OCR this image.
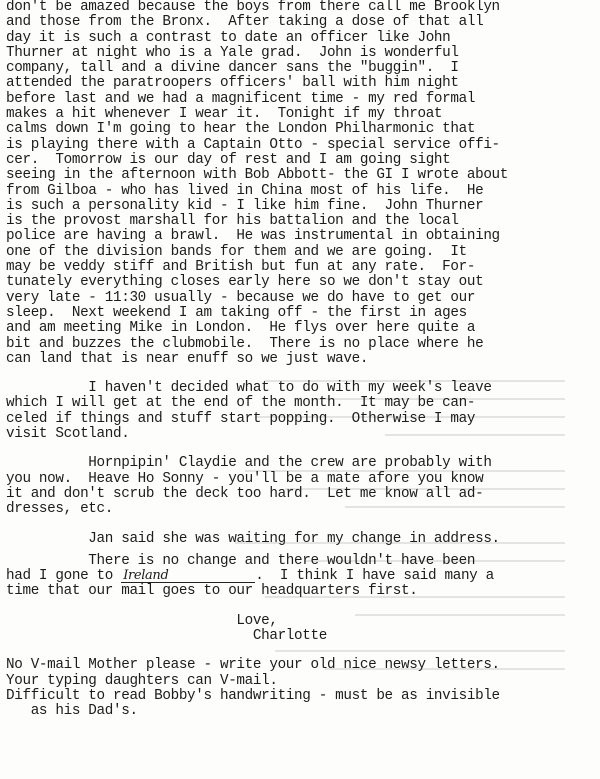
don't be amazed because the boys from there call me Brooklyn
and those from the Bronx.  After taking a dose of that all
day it is such a contrast to date an officer like John
Thurner at night who is a Yale grad.  John is wonderful
company, tall and a divine dancer sans the "buggin".  I
attended the paratroopers officers' ball with him night
before last and we had a magnificent time - my red formal
makes a hit whenever I wear it.  Tonight if my throat
calms down I'm going to hear the London Philharmonic that
is playing there with a Captain Otto - special service offi-
cer.  Tomorrow is our day of rest and I am going sight
seeing in the afternoon with Bob Abbott- the GI I wrote about
from Gilboa - who has lived in China most of his life.  He
is such a personality kid - I like him fine.  John Thurner
is the provost marshall for his battalion and the local
police are having a brawl.  He was instrumental in obtaining
one of the division bands for them and we are going.  It
may be veddy stiff and British but fun at any rate.  For-
tunately everything closes early here so we don't stay out
very late - 11:30 usually - because we do have to get our
sleep.  Next weekend I am taking off - the first in ages
and am meeting Mike in London.  He flys over here quite a
bit and buzzes the clubmobile.  There is no place where he
can land that is near enuff so we just wave.
I haven't decided what to do with my week's leave
which I will get at the end of the month.  It may be can-
celed if things and stuff start popping.  Otherwise I may
visit Scotland.
Hornpipin' Claydie and the crew are probably with
you now.  Heave Ho Sonny - you'll be a mate afore you know
it and don't scrub the deck too hard.  Let me know all ad-
dresses, etc.
Jan said she was waiting for my change in address.
There is no change and there wouldn't have been
had I gone to Ireland	.  I think I have said many a
time that our mail goes to our headquarters first.
Love,
Charlotte
No V-mail Mother please - write your old nice newsy letters.
Your typing daughters can V-mail.
Difficult to read Bobby's handwriting - must be as invisible
as his Dad's.
